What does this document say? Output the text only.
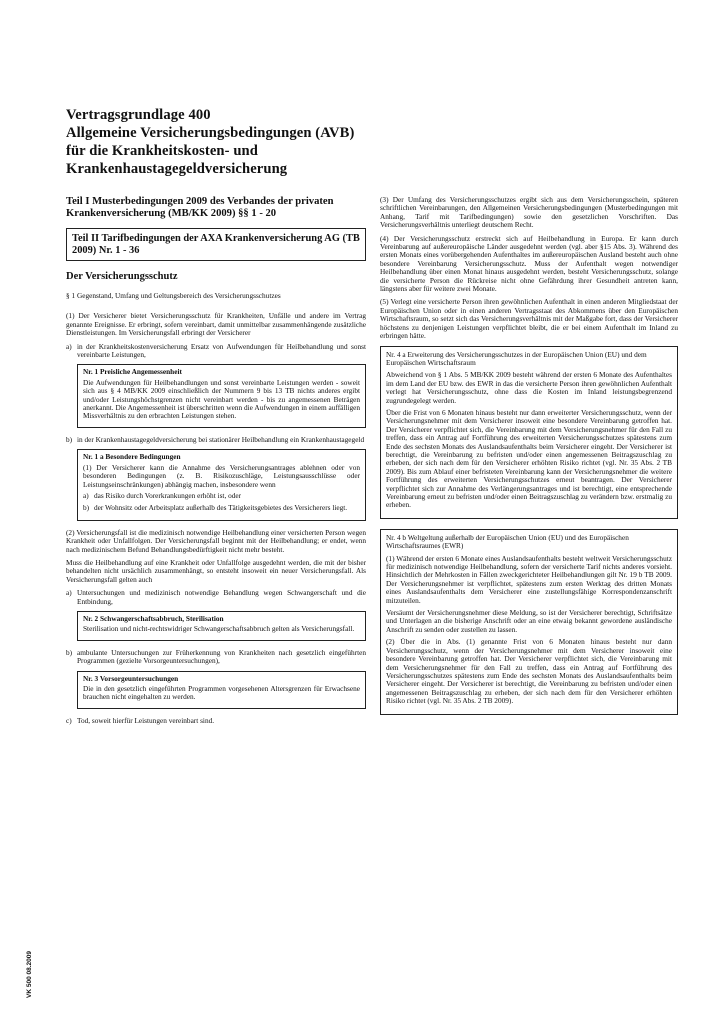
Vertragsgrundlage 400
Allgemeine Versicherungsbedingungen (AVB)
für die Krankheitskosten- und
Krankenhaustagegeldversicherung
Teil I Musterbedingungen 2009 des Verbandes der privaten Krankenversicherung (MB/KK 2009) §§ 1 - 20
Teil II Tarifbedingungen der AXA Krankenversicherung AG (TB 2009) Nr. 1 - 36
Der Versicherungsschutz
§ 1 Gegenstand, Umfang und Geltungsbereich des Versicherungsschutzes

(1) Der Versicherer bietet Versicherungsschutz für Krankheiten, Unfälle und andere im Vertrag genannte Ereignisse. Er erbringt, sofern vereinbart, damit unmittelbar zusammenhängende zusätzliche Dienstleistungen. Im Versicherungsfall erbringt der Versicherer

a) in der Krankheitskostenversicherung Ersatz von Aufwendungen für Heilbehandlung und sonst vereinbarte Leistungen,
Nr. 1 Preisliche Angemessenheit

Die Aufwendungen für Heilbehandlungen und sonst vereinbarte Leistungen werden - soweit sich aus § 4 MB/KK 2009 einschließlich der Nummern 9 bis 13 TB nichts anderes ergibt und/oder Leistungshöchstgrenzen nicht vereinbart werden - bis zu angemessenen Beträgen anerkannt. Die Angemessenheit ist überschritten wenn die Aufwendungen in einem auffälligen Missverhältnis zu den erbrachten Leistungen stehen.

b) in der Krankenhaustagegeldversicherung bei stationärer Heilbehandlung ein Krankenhaustagegeld
Nr. 1 a Besondere Bedingungen

(1) Der Versicherer kann die Annahme des Versicherungsantrages ablehnen oder von besonderen Bedingungen (z. B. Risikozuschläge, Leistungsausschlüsse oder Leistungseinschränkungen) abhängig machen, insbesondere wenn

a) das Risiko durch Vorerkrankungen erhöht ist, oder
b) der Wohnsitz oder Arbeitsplatz außerhalb des Tätigkeitsgebietes des Versicherers liegt.

(2) Versicherungsfall ist die medizinisch notwendige Heilbehandlung einer versicherten Person wegen Krankheit oder Unfallfolgen. Der Versicherungsfall beginnt mit der Heilbehandlung; er endet, wenn nach medizinischem Befund Behandlungsbedürftigkeit nicht mehr besteht.

Muss die Heilbehandlung auf eine Krankheit oder Unfallfolge ausgedehnt werden, die mit der bisher behandelten nicht ursächlich zusammenhängt, so entsteht insoweit ein neuer Versicherungsfall. Als Versicherungsfall gelten auch

a) Untersuchungen und medizinisch notwendige Behandlung wegen Schwangerschaft und die Entbindung,
Nr. 2 Schwangerschaftsabbruch, Sterilisation

Sterilisation und nicht-rechtswidriger Schwangerschaftsabbruch gelten als Versicherungsfall.

b) ambulante Untersuchungen zur Früherkennung von Krankheiten nach gesetzlich eingeführten Programmen (gezielte Vorsorgeuntersuchungen),
Nr. 3 Vorsorgeuntersuchungen

Die in den gesetzlich eingeführten Programmen vorgesehenen Altersgrenzen für Erwachsene brauchen nicht eingehalten zu werden.

c) Tod, soweit hierfür Leistungen vereinbart sind.

(3) Der Umfang des Versicherungsschutzes ergibt sich aus dem Versicherungsschein, späteren schriftlichen Vereinbarungen, den Allgemeinen Versicherungsbedingungen (Musterbedingungen mit Anhang, Tarif mit Tarifbedingungen) sowie den gesetzlichen Vorschriften. Das Versicherungsverhältnis unterliegt deutschem Recht.

(4) Der Versicherungsschutz erstreckt sich auf Heilbehandlung in Europa. Er kann durch Vereinbarung auf außereuropäische Länder ausgedehnt werden (vgl. aber §15 Abs. 3). Während des ersten Monats eines vorübergehenden Aufenthaltes im außereuropäischen Ausland besteht auch ohne besondere Vereinbarung Versicherungsschutz. Muss der Aufenthalt wegen notwendiger Heilbehandlung über einen Monat hinaus ausgedehnt werden, besteht Versicherungsschutz, solange die versicherte Person die Rückreise nicht ohne Gefährdung ihrer Gesundheit antreten kann, längstens aber für weitere zwei Monate.

(5) Verlegt eine versicherte Person ihren gewöhnlichen Aufenthalt in einen anderen Mitgliedstaat der Europäischen Union oder in einen anderen Vertragsstaat des Abkommens über den Europäischen Wirtschaftsraum, so setzt sich das Versicherungsverhältnis mit der Maßgabe fort, dass der Versicherer höchstens zu denjenigen Leistungen verpflichtet bleibt, die er bei einem Aufenthalt im Inland zu erbringen hätte.

Nr. 4 a Erweiterung des Versicherungsschutzes in der Europäischen Union (EU) und dem Europäischen Wirtschaftsraum

Abweichend von § 1 Abs. 5 MB/KK 2009 besteht während der ersten 6 Monate des Aufenthaltes im dem Land der EU bzw. des EWR in das die versicherte Person ihren gewöhnlichen Aufenthalt verlegt hat Versicherungsschutz, ohne dass die Kosten im Inland leistungsbegrenzend zugrundegelegt werden.

Über die Frist von 6 Monaten hinaus besteht nur dann erweiterter Versicherungsschutz, wenn der Versicherungsnehmer mit dem Versicherer insoweit eine besondere Vereinbarung getroffen hat. Der Versicherer verpflichtet sich, die Vereinbarung mit dem Versicherungsnehmer für den Fall zu treffen, dass ein Antrag auf Fortführung des erweiterten Versicherungsschutzes spätestens zum Ende des sechsten Monats des Auslandsaufenthalts beim Versicherer eingeht. Der Versicherer ist berechtigt, die Vereinbarung zu befristen und/oder einen angemessenen Beitragszuschlag zu erheben, der sich nach dem für den Versicherer erhöhten Risiko richtet (vgl. Nr. 35 Abs. 2 TB 2009). Bis zum Ablauf einer befristeten Vereinbarung kann der Versicherungsnehmer die weitere Fortführung des erweiterten Versicherungsschutzes erneut beantragen. Der Versicherer verpflichtet sich zur Annahme des Verlängerungsantrages und ist berechtigt, eine entsprechende Vereinbarung erneut zu befristen und/oder einen Beitragszuschlag zu verändern bzw. erstmalig zu erheben.

Nr. 4 b Weltgeltung außerhalb der Europäischen Union (EU) und des Europäischen Wirtschaftsraumes (EWR)

(1) Während der ersten 6 Monate eines Auslandsaufenthalts besteht weltweit Versicherungsschutz für medizinisch notwendige Heilbehandlung, sofern der versicherte Tarif nichts anderes vorsieht. Hinsichtlich der Mehrkosten in Fällen zweckgerichteter Heilbehandlungen gilt Nr. 19 b TB 2009. Der Versicherungsnehmer ist verpflichtet, spätestens zum ersten Werktag des dritten Monats eines Auslandsaufenthalts dem Versicherer eine zustellungsfähige Korrespondenzanschrift mitzuteilen.

Versäumt der Versicherungsnehmer diese Meldung, so ist der Versicherer berechtigt, Schriftsätze und Unterlagen an die bisherige Anschrift oder an eine etwaig bekannt gewordene ausländische Anschrift zu senden oder zustellen zu lassen.

(2) Über die in Abs. (1) genannte Frist von 6 Monaten hinaus besteht nur dann Versicherungsschutz, wenn der Versicherungsnehmer mit dem Versicherer insoweit eine besondere Vereinbarung getroffen hat. Der Versicherer verpflichtet sich, die Vereinbarung mit dem Versicherungsnehmer für den Fall zu treffen, dass ein Antrag auf Fortführung des Versicherungsschutzes spätestens zum Ende des sechsten Monats des Auslandsaufenthalts beim Versicherer eingeht. Der Versicherer ist berechtigt, die Vereinbarung zu befristen und/oder einen angemessenen Beitragszuschlag zu erheben, der sich nach dem für den Versicherer erhöhten Risiko richtet (vgl. Nr. 35 Abs. 2 TB 2009).

VK 500 08.2009
